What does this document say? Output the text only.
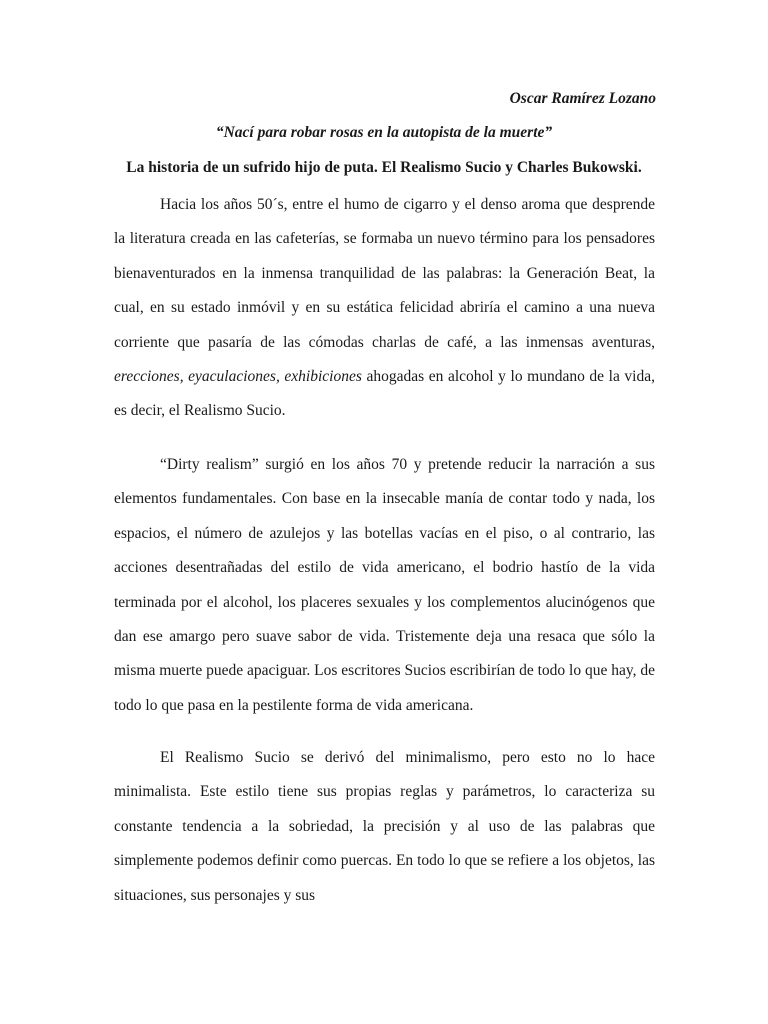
Oscar Ramírez Lozano
“Nací para robar rosas en la autopista de la muerte”
La historia de un sufrido hijo de puta. El Realismo Sucio y Charles Bukowski.

Hacia los años 50´s, entre el humo de cigarro y el denso aroma que desprende la literatura creada en las cafeterías, se formaba un nuevo término para los pensadores bienaventurados en la inmensa tranquilidad de las palabras: la Generación Beat, la cual, en su estado inmóvil y en su estática felicidad abriría el camino a una nueva corriente que pasaría de las cómodas charlas de café, a las inmensas aventuras, erecciones, eyaculaciones, exhibiciones ahogadas en alcohol y lo mundano de la vida, es decir, el Realismo Sucio.

“Dirty realism” surgió en los años 70 y pretende reducir la narración a sus elementos fundamentales. Con base en la insecable manía de contar todo y nada, los espacios, el número de azulejos y las botellas vacías en el piso, o al contrario, las acciones desentrañadas del estilo de vida americano, el bodrio hastío de la vida terminada por el alcohol, los placeres sexuales y los complementos alucinógenos que dan ese amargo pero suave sabor de vida. Tristemente deja una resaca que sólo la misma muerte puede apaciguar. Los escritores Sucios escribirían de todo lo que hay, de todo lo que pasa en la pestilente forma de vida americana.

El Realismo Sucio se derivó del minimalismo, pero esto no lo hace minimalista. Este estilo tiene sus propias reglas y parámetros, lo caracteriza su constante tendencia a la sobriedad, la precisión y al uso de las palabras que simplemente podemos definir como puercas. En todo lo que se refiere a los objetos, las situaciones, sus personajes y sus
